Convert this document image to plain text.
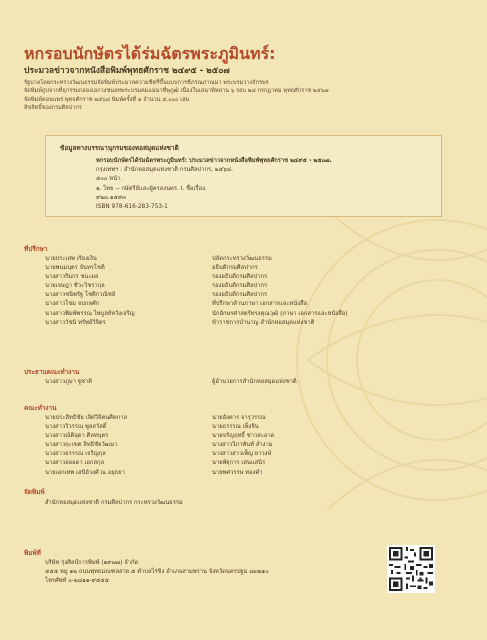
หกรอบนักษัตรได้ร่มฉัตรพระภูมินทร์:
ประมวลข่าวจากหนังสือพิมพ์พุทธศักราช ๒๔๙๕ - ๒๕๐๗
รัฐบาลโดยกระทรวงวัฒนธรรมจัดพิมพ์ประมวลความชีตรึ่ขึ้นแบบการชีภรณภาณมา พระบรมวางจักรพร
จัดพิมพ์ถูบจากที่ธุกรรมกลองเอกวงชนอทพระบรมคมแม่ฉาที่พุภูฒิ เนื่องในเสฉาพิหลาน ๖ รอบ ๒๘ กรกฎาคม พุทธศักราช ๒๕๖๗
จัดพิมพ์ตอนแพร่ พุทธศักราช ๒๕๖๘ พิมพ์ครั้งที่ ๑ จำนวน ๕,๐๐๐ เล่ม
ลิขสิทธิ์ของกรมศิลปากร
ข้อมูลทางบรรณานุกรมของหอสมุดแห่งชาติ
หกรอบนักษัตรได้ร่มฉัตรพระภูมินทร์: ประมวลข่าวจากหนังสือพิมพ์พุทธศักราช ๒๔๙๕ - ๒๕๐๗.
กรุงเทพฯ : สำนักหอสมุดแห่งชาติ กรมศิลปากร, ๒๕๖๘.
๕๐๐ หน้า.
๑. ไทย -- กษัตริย์และผู้ครองนคร. I. ชื่อเรื่อง.
๙๒๓.๑๕๙๓
ISBN 978-616-283-753-1
ที่ปรึกษา
นายประเสพ เรียงเงิน
นายพนมบุตร จันทรโชติ
นางสาวริมกร ชนะผล
นายเจษฎา ชีวะวิชรากุล
นางสาวชนิพรัฐ โชติกวณิชย์
นางสาวโชม จบกลศัก
นางสาวพิมพ์พรรณ ไพบูลย์หวังเจริญ
นางสาววัชนี ทรัพย์วิจิตร
ปลัดกระทรวงวัฒนธรรม
อธิบดีกรมศิลปากร
รองอธิบดีกรมศิลปากร
รองอธิบดีกรมศิลปากร
รองอธิบดีกรมศิลปากร
ที่ปรึกษาด้านภาษา เอกสารและหนังสือ
นักอักษรศาสตร์ทรงคุณวุฒิ (ภาษา เอกสารและหนังสือ)
ข้าราชการบำนาญ สำนักหอสมุดแห่งชาติ
ประธานคณะทำงาน
นางสาวภูมา ฐูชาติ	ผู้อำนวยการสำนักหอสมุดแห่งชาติ
คณะทำงาน
นายประสิทธิชัย เลิศวิจิตนศิคกาล
นางสาววิวรรณ พูลสวัสดิ์
นางสาวณัติลุดา ศิลทบุตร
นางสาวฤะเขต ลิทธิชัยวัฒนา
นางสาวธรรรณ เจริญกุล
นางสาวลออดา เอกสกุล
นายเอกเทพ เสนีย์วงศ์ ณ อยุธยา
นายอังคาร จารุวรรณ
นายธรรรณ เพ็งจีน
นายจรัญฤทธิ์ ชาวสะอาด
นางสาววิภาพันท์ ลำงาม
นางสาวสาวเพ็ญ ยาวงษ์
นายพัฐุการ เสนแสนิร
นายพศวรรษ ทองคำ
จัดพิมพ์
สำนักหอสมุดแห่งชาติ กรมศิลปากร กระทรวงวัฒนธรรม
พิมพ์ที่
บริษัท รุ่งศิลป์การพิมพ์ (๑๙๗๗) จำกัด
๕๕๕ หมู่ ๑๒ ถนนพุทธมณฑลสาย ๕ ตำบลไร่ขิง อำเภอสามพราน จังหวัดนครปฐม ๗๓๒๑๐
โทรศัพท์ ๐-๒๘๑๑-๙๕๕๕
